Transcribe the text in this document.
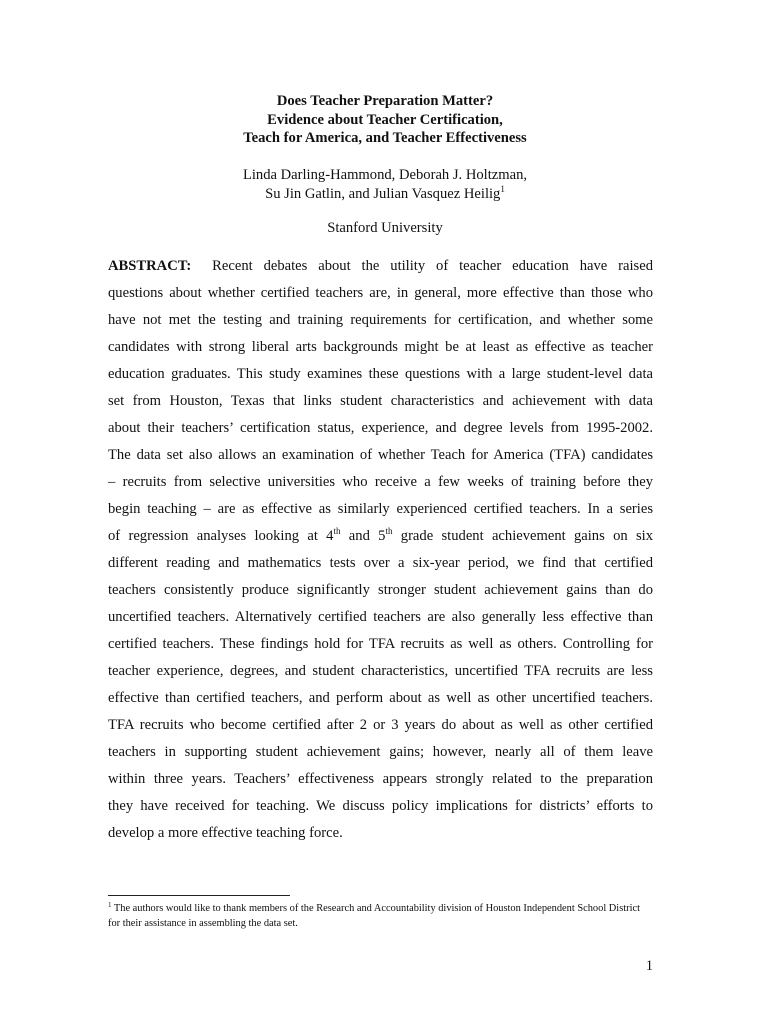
Does Teacher Preparation Matter?
Evidence about Teacher Certification,
Teach for America, and Teacher Effectiveness
Linda Darling-Hammond, Deborah J. Holtzman,
Su Jin Gatlin, and Julian Vasquez Heilig$^1$
Stanford University
ABSTRACT: Recent debates about the utility of teacher education have raised
questions about whether certified teachers are, in general, more effective than those who
have not met the testing and training requirements for certification, and whether some
candidates with strong liberal arts backgrounds might be at least as effective as teacher
education graduates. This study examines these questions with a large student-level data
set from Houston, Texas that links student characteristics and achievement with data
about their teachers’ certification status, experience, and degree levels from 1995-2002.
The data set also allows an examination of whether Teach for America (TFA) candidates
– recruits from selective universities who receive a few weeks of training before they
begin teaching – are as effective as similarly experienced certified teachers. In a series
of regression analyses looking at 4th and 5th grade student achievement gains on six
different reading and mathematics tests over a six-year period, we find that certified
teachers consistently produce significantly stronger student achievement gains than do
uncertified teachers. Alternatively certified teachers are also generally less effective than
certified teachers. These findings hold for TFA recruits as well as others. Controlling for
teacher experience, degrees, and student characteristics, uncertified TFA recruits are less
effective than certified teachers, and perform about as well as other uncertified teachers.
TFA recruits who become certified after 2 or 3 years do about as well as other certified
teachers in supporting student achievement gains; however, nearly all of them leave
within three years. Teachers’ effectiveness appears strongly related to the preparation
they have received for teaching. We discuss policy implications for districts’ efforts to
develop a more effective teaching force.
$^1$ The authors would like to thank members of the Research and Accountability division of Houston Independent School District for their assistance in assembling the data set.
1
